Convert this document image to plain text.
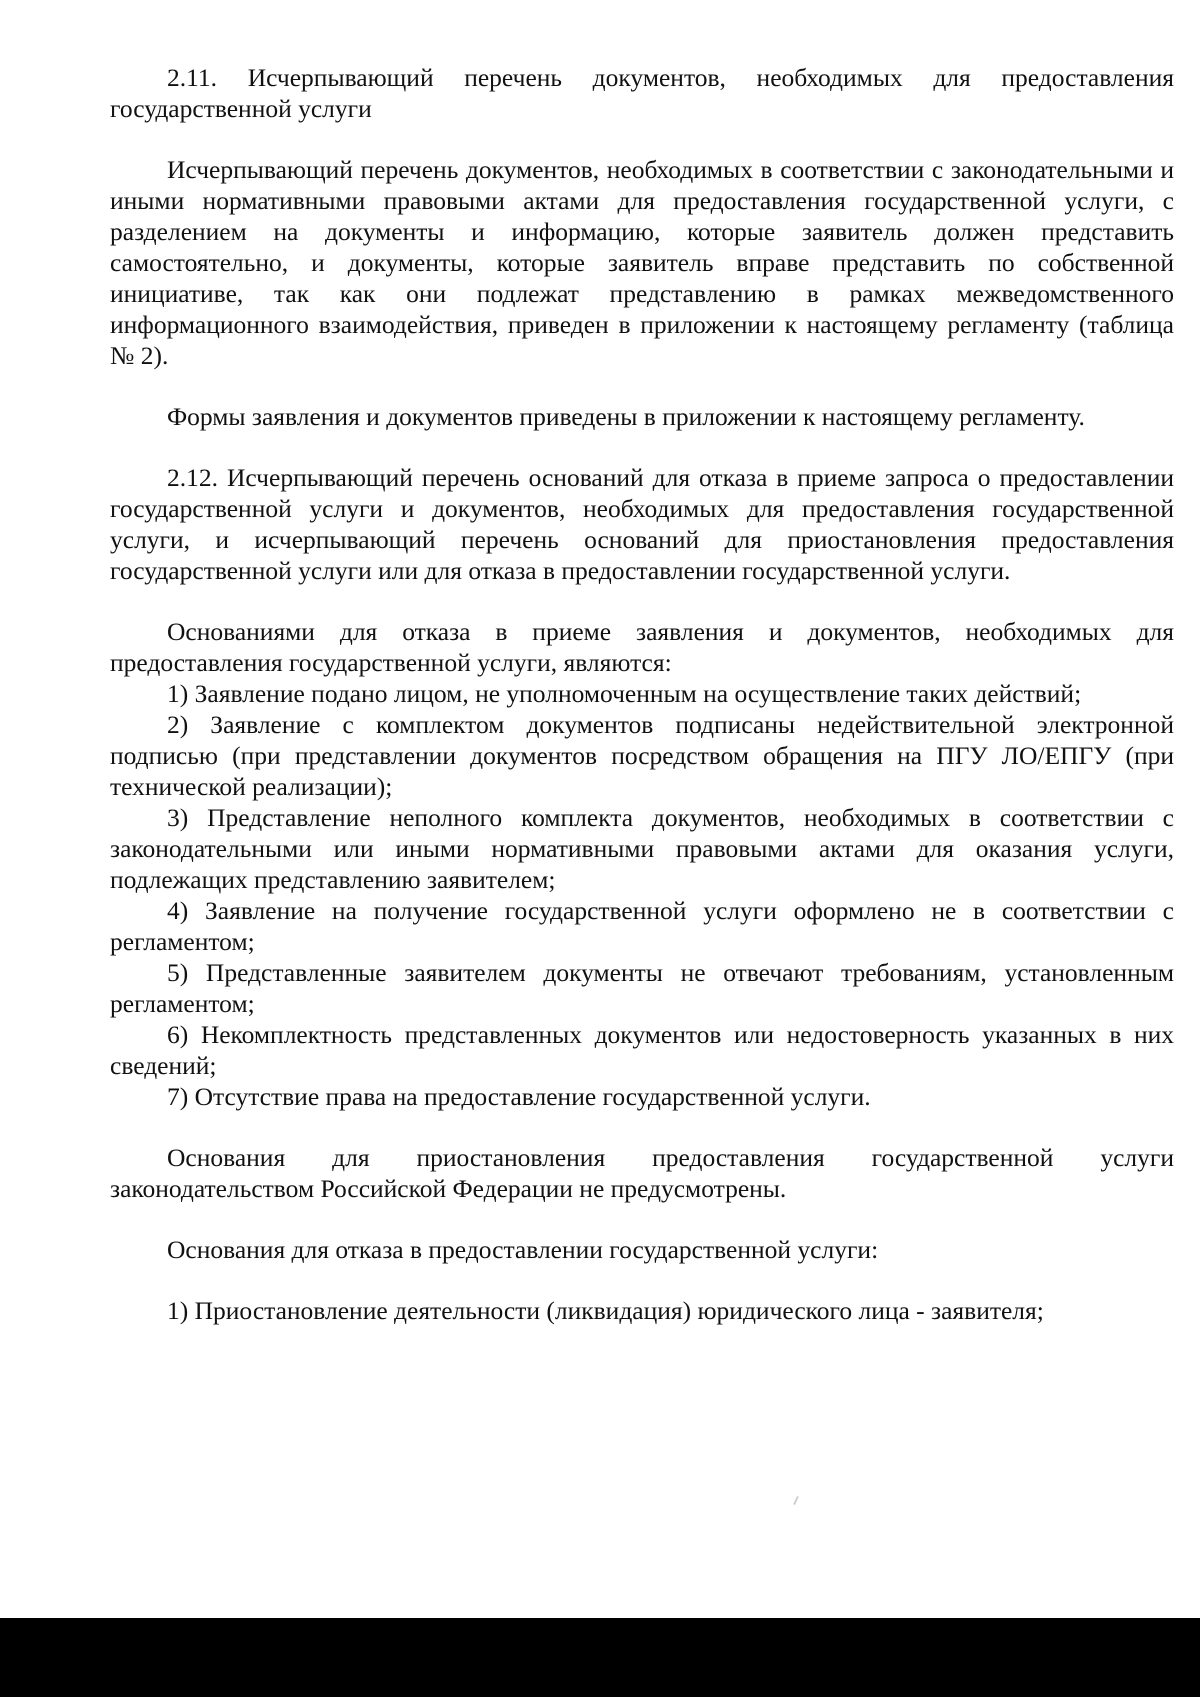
2.11. Исчерпывающий перечень документов, необходимых для предоставления государственной услуги

Исчерпывающий перечень документов, необходимых в соответствии с законодательными и иными нормативными правовыми актами для предоставления государственной услуги, с разделением на документы и информацию, которые заявитель должен представить самостоятельно, и документы, которые заявитель вправе представить по собственной инициативе, так как они подлежат представлению в рамках межведомственного информационного взаимодействия, приведен в приложении к настоящему регламенту (таблица № 2).

Формы заявления и документов приведены в приложении к настоящему регламенту.

2.12. Исчерпывающий перечень оснований для отказа в приеме запроса о предоставлении государственной услуги и документов, необходимых для предоставления государственной услуги, и исчерпывающий перечень оснований для приостановления предоставления государственной услуги или для отказа в предоставлении государственной услуги.

Основаниями для отказа в приеме заявления и документов, необходимых для предоставления государственной услуги, являются:

1) Заявление подано лицом, не уполномоченным на осуществление таких действий;

2) Заявление с комплектом документов подписаны недействительной электронной подписью (при представлении документов посредством обращения на ПГУ ЛО/ЕПГУ (при технической реализации);

3) Представление неполного комплекта документов, необходимых в соответствии с законодательными или иными нормативными правовыми актами для оказания услуги, подлежащих представлению заявителем;

4) Заявление на получение государственной услуги оформлено не в соответствии с регламентом;

5) Представленные заявителем документы не отвечают требованиям, установленным регламентом;

6) Некомплектность представленных документов или недостоверность указанных в них сведений;

7) Отсутствие права на предоставление государственной услуги.

Основания для приостановления предоставления государственной услуги законодательством Российской Федерации не предусмотрены.

Основания для отказа в предоставлении государственной услуги:

1) Приостановление деятельности (ликвидация) юридического лица - заявителя;
